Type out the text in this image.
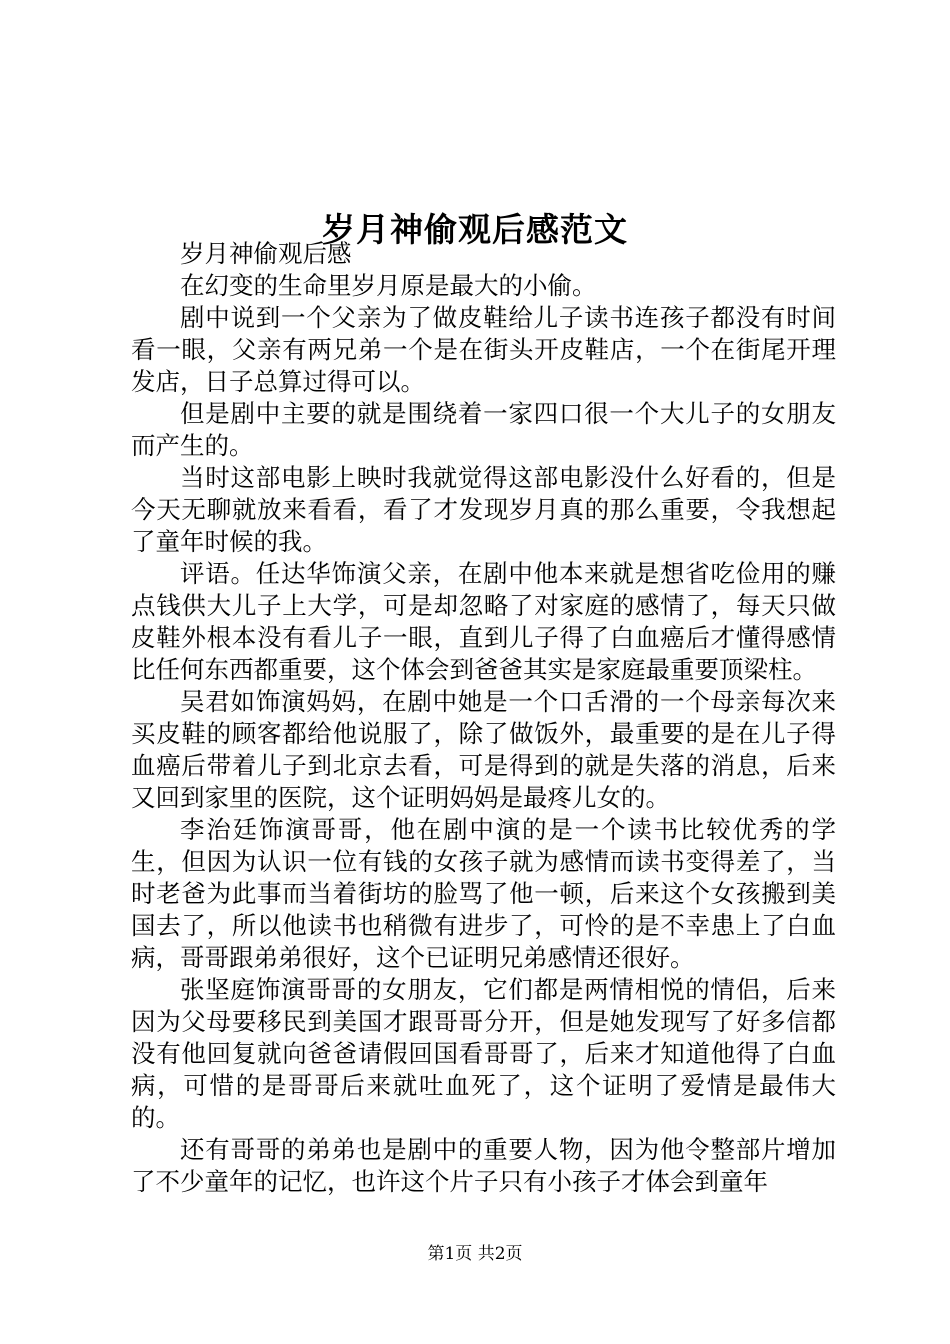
岁月神偷观后感范文

岁月神偷观后感

在幻变的生命里岁月原是最大的小偷。

剧中说到一个父亲为了做皮鞋给儿子读书连孩子都没有时间看一眼，父亲有两兄弟一个是在街头开皮鞋店，一个在街尾开理发店，日子总算过得可以。

但是剧中主要的就是围绕着一家四口很一个大儿子的女朋友而产生的。

当时这部电影上映时我就觉得这部电影没什么好看的，但是今天无聊就放来看看，看了才发现岁月真的那么重要，令我想起了童年时候的我。

评语。任达华饰演父亲，在剧中他本来就是想省吃俭用的赚点钱供大儿子上大学，可是却忽略了对家庭的感情了，每天只做皮鞋外根本没有看儿子一眼，直到儿子得了白血癌后才懂得感情比任何东西都重要，这个体会到爸爸其实是家庭最重要顶梁柱。

吴君如饰演妈妈，在剧中她是一个口舌滑的一个母亲每次来买皮鞋的顾客都给他说服了，除了做饭外，最重要的是在儿子得血癌后带着儿子到北京去看，可是得到的就是失落的消息，后来又回到家里的医院，这个证明妈妈是最疼儿女的。

李治廷饰演哥哥，他在剧中演的是一个读书比较优秀的学生，但因为认识一位有钱的女孩子就为感情而读书变得差了，当时老爸为此事而当着街坊的脸骂了他一顿，后来这个女孩搬到美国去了，所以他读书也稍微有进步了，可怜的是不幸患上了白血病，哥哥跟弟弟很好，这个已证明兄弟感情还很好。

张坚庭饰演哥哥的女朋友，它们都是两情相悦的情侣，后来因为父母要移民到美国才跟哥哥分开，但是她发现写了好多信都没有他回复就向爸爸请假回国看哥哥了，后来才知道他得了白血病，可惜的是哥哥后来就吐血死了，这个证明了爱情是最伟大的。

还有哥哥的弟弟也是剧中的重要人物，因为他令整部片增加了不少童年的记忆，也许这个片子只有小孩子才体会到童年

第1页 共2页
